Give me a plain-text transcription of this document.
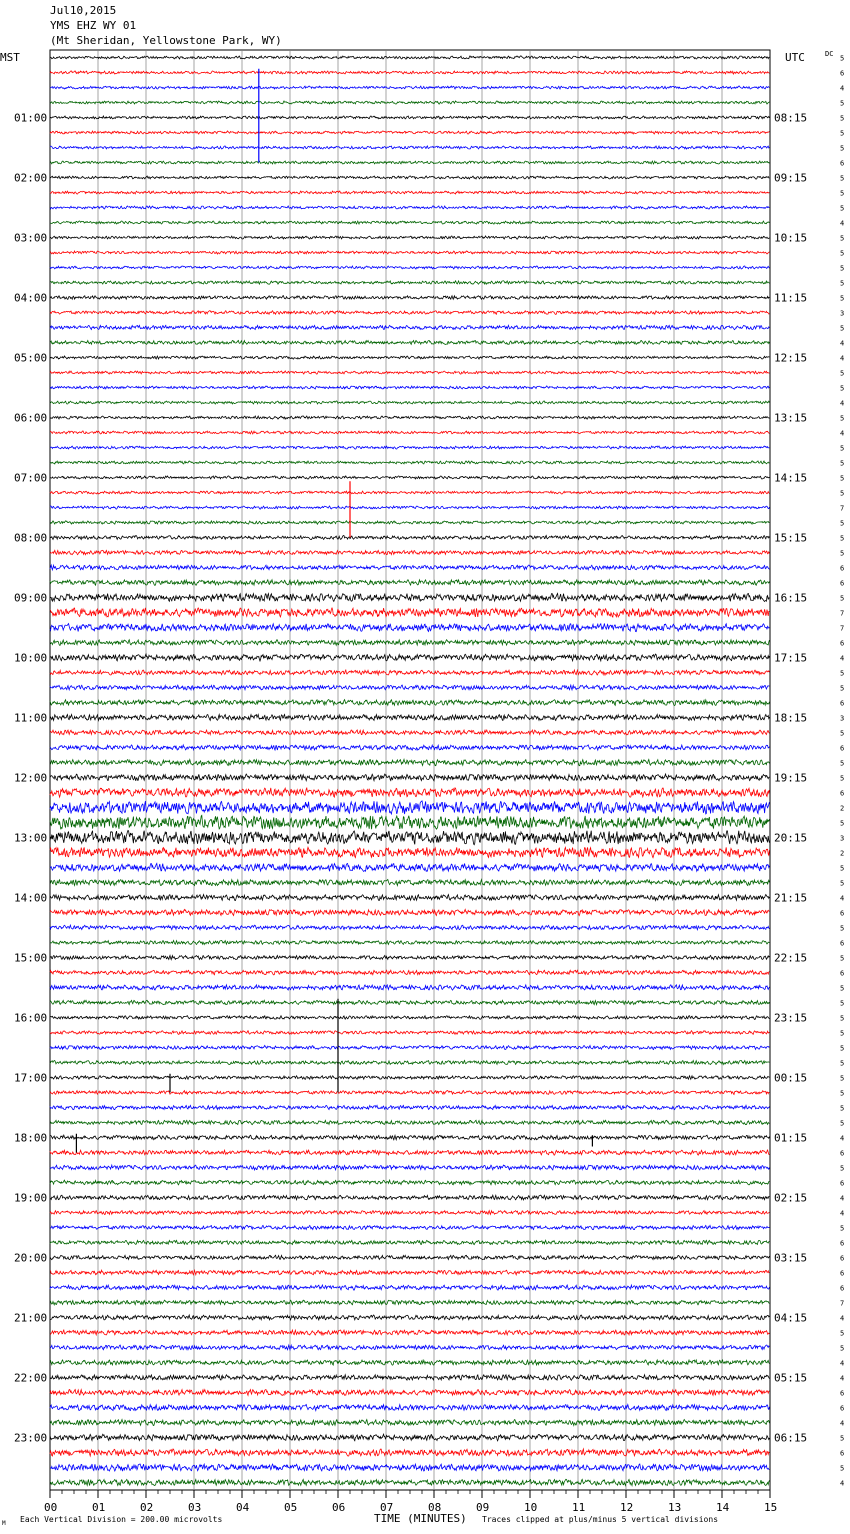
Jul10,2015
YMS EHZ WY 01
(Mt Sheridan, Yellowstone Park, WY)
00	01	02	03	04	05	06	07	08	09	10	11	12	13	14	15
01:00
02:00
03:00
04:00
05:00
06:00
07:00
08:00
09:00
10:00
11:00
12:00
13:00
14:00
15:00
16:00
17:00
18:00
19:00
20:00
21:00
22:00
23:00
08:15
09:15
10:15
11:15
12:15
13:15
14:15
15:15
16:15
17:15
18:15
19:15
20:15
21:15
22:15
23:15
00:15
01:15
02:15
03:15
04:15
05:15
06:15
5
6
4
5
5
5
5
6
5
5
5
4
5
5
5
5
5
3
5
4
4
5
5
4
5
4
5
5
5
5
7
5
5
5
6
6
5
7
7
6
4
5
5
6
3
5
6
5
5
6
2
5
3
2
5
5
4
6
5
6
5
6
5
5
5
5
5
5
5
5
5
5
4
6
5
6
4
4
5
6
6
6
6
7
4
5
5
4
4
6
6
4
5
6
5
4
MST	UTC	DC
TIME (MINUTES)
Each Vertical Division = 200.00 microvolts	Traces clipped at plus/minus 5 vertical divisions
M
